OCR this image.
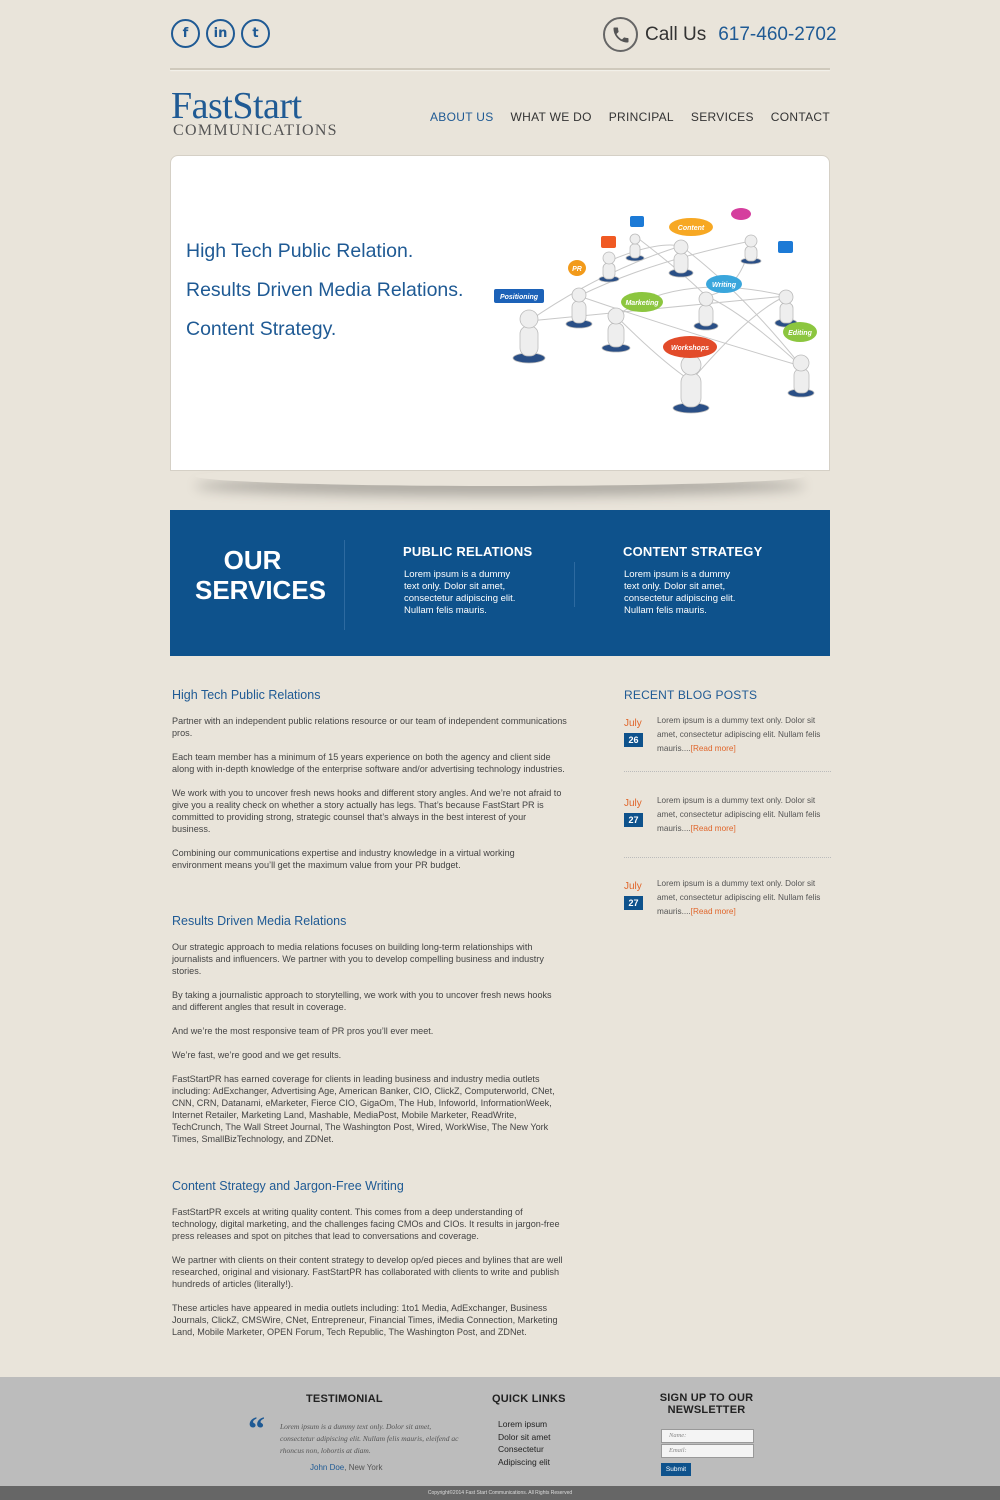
f	in	t	Call Us 617-460-2702
FastStart
COMMUNICATIONS
ABOUT US WHAT WE DO PRINCIPAL SERVICES CONTACT
High Tech Public Relation.
Results Driven Media Relations.
Content Strategy.
Positioning
PR
Marketing
Content
Writing
Workshops
Editing
OUR
SERVICES
PUBLIC RELATIONS

Lorem ipsum is a dummy text only. Dolor sit amet, consectetur adipiscing elit. Nullam felis mauris.

CONTENT STRATEGY

Lorem ipsum is a dummy text only. Dolor sit amet, consectetur adipiscing elit. Nullam felis mauris.

High Tech Public Relations

Partner with an independent public relations resource or our team of independent communications pros.

Each team member has a minimum of 15 years experience on both the agency and client side along with in-depth knowledge of the enterprise software and/or advertising technology industries.

We work with you to uncover fresh news hooks and different story angles. And we’re not afraid to give you a reality check on whether a story actually has legs. That’s because FastStart PR is committed to providing strong, strategic counsel that’s always in the best interest of your business.

Combining our communications expertise and industry knowledge in a virtual working environment means you’ll get the maximum value from your PR budget.

Results Driven Media Relations

Our strategic approach to media relations focuses on building long-term relationships with journalists and influencers. We partner with you to develop compelling business and industry stories.

By taking a journalistic approach to storytelling, we work with you to uncover fresh news hooks and different angles that result in coverage.

And we’re the most responsive team of PR pros you’ll ever meet.

We’re fast, we’re good and we get results.

FastStartPR has earned coverage for clients in leading business and industry media outlets including: AdExchanger, Advertising Age, American Banker, CIO, ClickZ, Computerworld, CNet, CNN, CRN, Datanami, eMarketer, Fierce CIO, GigaOm, The Hub, Infoworld, InformationWeek, Internet Retailer, Marketing Land, Mashable, MediaPost, Mobile Marketer, ReadWrite, TechCrunch, The Wall Street Journal, The Washington Post, Wired, WorkWise, The New York Times, SmallBizTechnology, and ZDNet.

Content Strategy and Jargon-Free Writing

FastStartPR excels at writing quality content. This comes from a deep understanding of technology, digital marketing, and the challenges facing CMOs and CIOs. It results in jargon-free press releases and spot on pitches that lead to conversations and coverage.

We partner with clients on their content strategy to develop op/ed pieces and bylines that are well researched, original and visionary. FastStartPR has collaborated with clients to write and publish hundreds of articles (literally!).

These articles have appeared in media outlets including: 1to1 Media, AdExchanger, Business Journals, ClickZ, CMSWire, CNet, Entrepreneur, Financial Times, iMedia Connection, Marketing Land, Mobile Marketer, OPEN Forum, Tech Republic, The Washington Post, and ZDNet.

RECENT BLOG POSTS
July
26
Lorem ipsum is a dummy text only. Dolor sit amet, consectetur adipiscing elit. Nullam felis mauris....[Read more]
July
27
Lorem ipsum is a dummy text only. Dolor sit amet, consectetur adipiscing elit. Nullam felis mauris....[Read more]
July
27
Lorem ipsum is a dummy text only. Dolor sit amet, consectetur adipiscing elit. Nullam felis mauris....[Read more]
TESTIMONIAL
“ Lorem ipsum is a dummy text only. Dolor sit amet, consectetur adipiscing elit. Nullam felis mauris, eleifend ac rhoncus non, lobortis at diam.
John Doe, New York
QUICK LINKS
Lorem ipsum
Dolor sit amet
Consectetur
Adipiscing elit
SIGN UP TO OUR
NEWSLETTER
Name:
Email:
Submit
Copyright©2014 Fast Start Communications. All Rights Reserved
